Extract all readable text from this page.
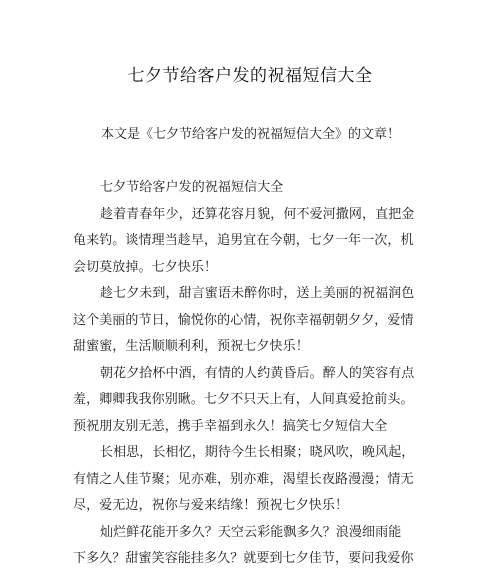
七夕节给客户发的祝福短信大全
本文是《七夕节给客户发的祝福短信大全》的文章！
七夕节给客户发的祝福短信大全
趁着青春年少，还算花容月貌，何不爱河撒网，直把金
龟来钓。谈情理当趁早，追男宜在今朝，七夕一年一次，机
会切莫放掉。七夕快乐！
趁七夕未到，甜言蜜语未醉你时，送上美丽的祝福润色
这个美丽的节日，愉悦你的心情，祝你幸福朝朝夕夕，爱情
甜蜜蜜，生活顺顺利利，预祝七夕快乐！
朝花夕拾杯中酒，有情的人约黄昏后。醉人的笑容有点
羞，卿卿我我你别瞅。七夕不只天上有，人间真爱抢前头。
预祝朋友别无恙，携手幸福到永久！搞笑七夕短信大全
长相思，长相忆，期待今生长相聚；晓风吹，晚风起，
有情之人佳节聚；见亦难，别亦难，渴望长夜路漫漫；情无
尽，爱无边，祝你与爱来结缘！预祝七夕快乐！
灿烂鲜花能开多久？天空云彩能飘多久？浪漫细雨能
下多久？甜蜜笑容能挂多久？就要到七夕佳节，要问我爱你
